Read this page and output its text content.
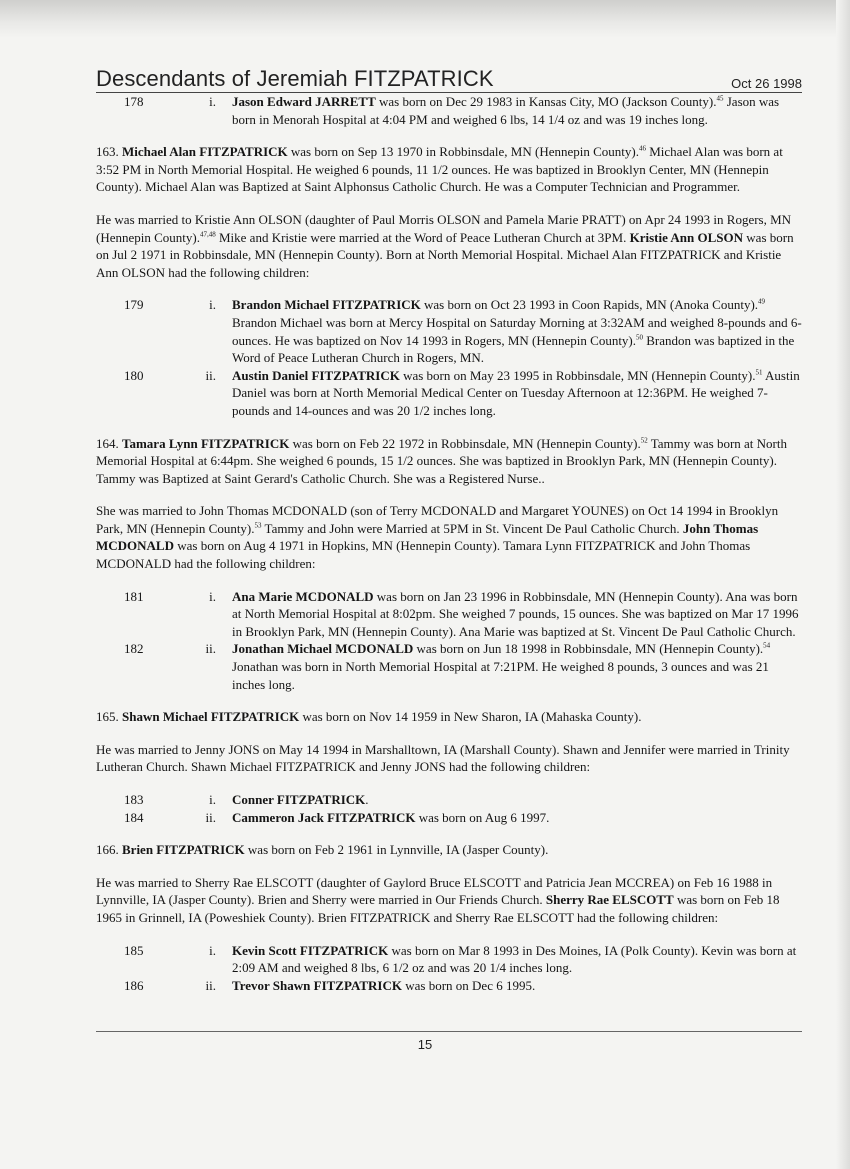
Descendants of Jeremiah FITZPATRICK	Oct 26 1998
178	i. Jason Edward JARRETT was born on Dec 29 1983 in Kansas City, MO (Jackson County).$^{45}$ Jason was born in Menorah Hospital at 4:04 PM and weighed 6 lbs, 14 1/4 oz and was 19 inches long.

163. Michael Alan FITZPATRICK was born on Sep 13 1970 in Robbinsdale, MN (Hennepin County).$^{46}$ Michael Alan was born at 3:52 PM in North Memorial Hospital. He weighed 6 pounds, 11 1/2 ounces. He was baptized in Brooklyn Center, MN (Hennepin County). Michael Alan was Baptized at Saint Alphonsus Catholic Church. He was a Computer Technician and Programmer.

He was married to Kristie Ann OLSON (daughter of Paul Morris OLSON and Pamela Marie PRATT) on Apr 24 1993 in Rogers, MN (Hennepin County).$^{47,48}$ Mike and Kristie were married at the Word of Peace Lutheran Church at 3PM. Kristie Ann OLSON was born on Jul 2 1971 in Robbinsdale, MN (Hennepin County). Born at North Memorial Hospital. Michael Alan FITZPATRICK and Kristie Ann OLSON had the following children:

179	i. Brandon Michael FITZPATRICK was born on Oct 23 1993 in Coon Rapids, MN (Anoka County).$^{49}$ Brandon Michael was born at Mercy Hospital on Saturday Morning at 3:32AM and weighed 8-pounds and 6-ounces. He was baptized on Nov 14 1993 in Rogers, MN (Hennepin County).$^{50}$ Brandon was baptized in the Word of Peace Lutheran Church in Rogers, MN.
180	ii. Austin Daniel FITZPATRICK was born on May 23 1995 in Robbinsdale, MN (Hennepin County).$^{51}$ Austin Daniel was born at North Memorial Medical Center on Tuesday Afternoon at 12:36PM. He weighed 7-pounds and 14-ounces and was 20 1/2 inches long.

164. Tamara Lynn FITZPATRICK was born on Feb 22 1972 in Robbinsdale, MN (Hennepin County).$^{52}$ Tammy was born at North Memorial Hospital at 6:44pm. She weighed 6 pounds, 15 1/2 ounces. She was baptized in Brooklyn Park, MN (Hennepin County). Tammy was Baptized at Saint Gerard's Catholic Church. She was a Registered Nurse..

She was married to John Thomas MCDONALD (son of Terry MCDONALD and Margaret YOUNES) on Oct 14 1994 in Brooklyn Park, MN (Hennepin County).$^{53}$ Tammy and John were Married at 5PM in St. Vincent De Paul Catholic Church. John Thomas MCDONALD was born on Aug 4 1971 in Hopkins, MN (Hennepin County). Tamara Lynn FITZPATRICK and John Thomas MCDONALD had the following children:

181	i. Ana Marie MCDONALD was born on Jan 23 1996 in Robbinsdale, MN (Hennepin County). Ana was born at North Memorial Hospital at 8:02pm. She weighed 7 pounds, 15 ounces. She was baptized on Mar 17 1996 in Brooklyn Park, MN (Hennepin County). Ana Marie was baptized at St. Vincent De Paul Catholic Church.
182	ii. Jonathan Michael MCDONALD was born on Jun 18 1998 in Robbinsdale, MN (Hennepin County).$^{54}$ Jonathan was born in North Memorial Hospital at 7:21PM. He weighed 8 pounds, 3 ounces and was 21 inches long.

165. Shawn Michael FITZPATRICK was born on Nov 14 1959 in New Sharon, IA (Mahaska County).

He was married to Jenny JONS on May 14 1994 in Marshalltown, IA (Marshall County). Shawn and Jennifer were married in Trinity Lutheran Church. Shawn Michael FITZPATRICK and Jenny JONS had the following children:

183	i. Conner FITZPATRICK.
184	ii. Cammeron Jack FITZPATRICK was born on Aug 6 1997.

166. Brien FITZPATRICK was born on Feb 2 1961 in Lynnville, IA (Jasper County).

He was married to Sherry Rae ELSCOTT (daughter of Gaylord Bruce ELSCOTT and Patricia Jean MCCREA) on Feb 16 1988 in Lynnville, IA (Jasper County). Brien and Sherry were married in Our Friends Church. Sherry Rae ELSCOTT was born on Feb 18 1965 in Grinnell, IA (Poweshiek County). Brien FITZPATRICK and Sherry Rae ELSCOTT had the following children:

185	i. Kevin Scott FITZPATRICK was born on Mar 8 1993 in Des Moines, IA (Polk County). Kevin was born at 2:09 AM and weighed 8 lbs, 6 1/2 oz and was 20 1/4 inches long.
186	ii. Trevor Shawn FITZPATRICK was born on Dec 6 1995.
15
